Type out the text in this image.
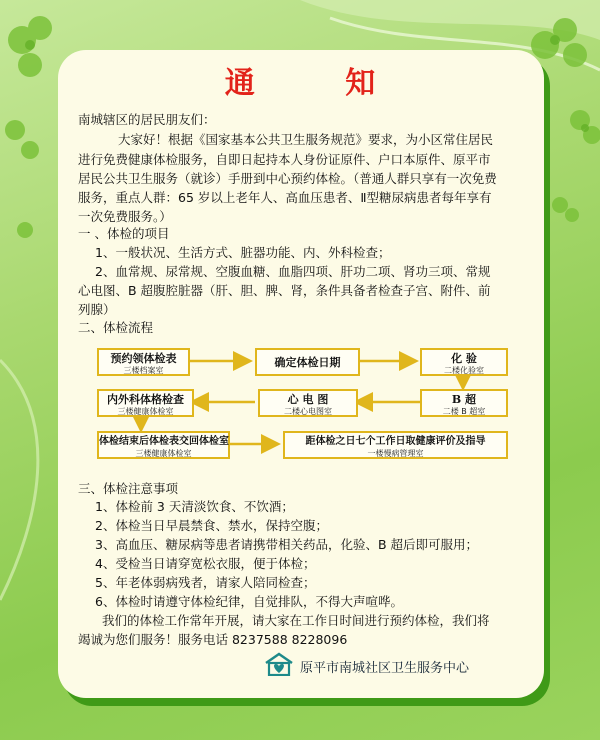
通 知
南城辖区的居民朋友们：
大家好！根据《国家基本公共卫生服务规范》要求，为小区常住居民
进行免费健康体检服务，自即日起持本人身份证原件、户口本原件、原平市
居民公共卫生服务（就诊）手册到中心预约体检。（普通人群只享有一次免费
服务，重点人群：65 岁以上老年人、高血压患者、Ⅱ型糖尿病患者每年享有
一次免费服务。）
一 、体检的项目
1、一般状况、生活方式、脏器功能、内、外科检查；
2、血常规、尿常规、空腹血糖、血脂四项、肝功二项、肾功三项、常规
心电图、B 超腹腔脏器（肝、胆、脾、肾，条件具备者检查子宫、附件、前
列腺）
二、体检流程
预约领体检表
三楼档案室
确定体检日期	化 验
二楼化验室
B 超
二楼 B 超室
心 电 图
二楼心电图室
内外科体格检查
三楼健康体检室
体检结束后体检表交回体检室
三楼健康体检室
距体检之日七个工作日取健康评价及指导
一楼慢病管理室
三、体检注意事项
1、体检前 3 天清淡饮食、不饮酒；
2、体检当日早晨禁食、禁水，保持空腹；
3、高血压、糖尿病等患者请携带相关药品，化验、B 超后即可服用；
4、受检当日请穿宽松衣服，便于体检；
5、年老体弱病残者，请家人陪同检查；
6、体检时请遵守体检纪律，自觉排队，不得大声喧哗。
我们的体检工作常年开展，请大家在工作日时间进行预约体检，我们将
竭诚为您们服务！服务电话 8237588 8228096
原平市南城社区卫生服务中心
